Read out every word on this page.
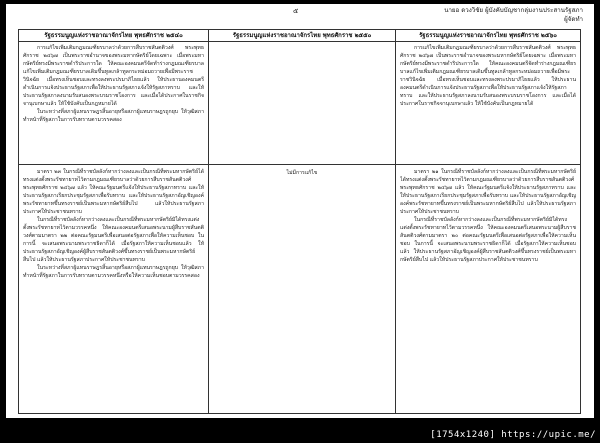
๕	นายอ ดวงวิชัย ผู้บังคับบัญชากลุ่มงานประสานรัฐสภา
ผู้จัดทำ
รัฐธรรมนูญแห่งราชอาณาจักรไทย พุทธศักราช ๒๕๔๐

การแก้ไขเพิ่มเติมกฎมณเฑียรบาลว่าด้วยการสืบราชสันตติวงศ์ พระพุทธศักราช ๒๔๖๗ เป็นพระราชอำนาจของพระมหากษัตริย์โดยเฉพาะ เมื่อพระมหากษัตริย์ทรงมีพระราชดำริประการใด ให้คณะองคมนตรีจัดทำร่างกฎมณเฑียรบาลแก้ไขเพิ่มเติมกฎมณเฑียรบาลเดิมขึ้นทูลเกล้าทูลกระหม่อมถวายเพื่อมีพระราชวินิจฉัย เมื่อทรงเห็นชอบและทรงลงพระปรมาภิไธยแล้ว ให้ประธานองคมนตรีดำเนินการแจ้งประธานรัฐสภาเพื่อให้ประธานรัฐสภาแจ้งให้รัฐสภาทราบ และให้ประธานรัฐสภาลงนามรับสนองพระบรมราชโองการ และเมื่อได้ประกาศในราชกิจจานุเบกษาแล้ว ให้ใช้บังคับเป็นกฎหมายได้

ในระหว่างที่สภาผู้แทนราษฎรสิ้นอายุหรือสภาผู้แทนราษฎรถูกยุบ ให้วุฒิสภาทำหน้าที่รัฐสภาในการรับทราบตามวรรคสอง

มาตรา ๒๓ ในกรณีที่ราชบัลลังก์หากว่างลงและเป็นกรณีที่พระมหากษัตริย์ได้ทรงแต่งตั้งพระรัชทายาทไว้ตามกฎมณเฑียรบาลว่าด้วยการสืบราชสันตติวงศ์ พระพุทธศักราช ๒๔๖๗ แล้ว ให้คณะรัฐมนตรีแจ้งให้ประธานรัฐสภาทราบ และให้ประธานรัฐสภาเรียกประชุมรัฐสภาเพื่อรับทราบ และให้ประธานรัฐสภาอัญเชิญองค์พระรัชทายาทขึ้นทรงราชย์เป็นพระมหากษัตริย์สืบไป แล้วให้ประธานรัฐสภาประกาศให้ประชาชนทราบ

ในกรณีที่ราชบัลลังก์หากว่างลงและเป็นกรณีที่พระมหากษัตริย์มิได้ทรงแต่งตั้งพระรัชทายาทไว้ตามวรรคหนึ่ง ให้คณะองคมนตรีเสนอพระนามผู้สืบราชสันตติวงศ์ตามมาตรา ๒๒ ต่อคณะรัฐมนตรีเพื่อเสนอต่อรัฐสภาเพื่อให้ความเห็นชอบ ในการนี้ จะเสนอพระนามพระราชธิดาก็ได้ เมื่อรัฐสภาให้ความเห็นชอบแล้ว ให้ประธานรัฐสภาอัญเชิญองค์ผู้สืบราชสันตติวงศ์ขึ้นทรงราชย์เป็นพระมหากษัตริย์สืบไป แล้วให้ประธานรัฐสภาประกาศให้ประชาชนทราบ

ในระหว่างที่สภาผู้แทนราษฎรสิ้นอายุหรือสภาผู้แทนราษฎรถูกยุบ ให้วุฒิสภาทำหน้าที่รัฐสภาในการรับทราบตามวรรคหนึ่งหรือให้ความเห็นชอบตามวรรคสอง

รัฐธรรมนูญแห่งราชอาณาจักรไทย พุทธศักราช ๒๕๕๐
ไม่มีการแก้ไข
รัฐธรรมนูญแห่งราชอาณาจักรไทย พุทธศักราช ๒๕๖๐

การแก้ไขเพิ่มเติมกฎมณเฑียรบาลว่าด้วยการสืบราชสันตติวงศ์ พระพุทธศักราช ๒๔๖๗ เป็นพระราชอำนาจของพระมหากษัตริย์โดยเฉพาะ เมื่อพระมหากษัตริย์ทรงมีพระราชดำริประการใด ให้คณะองคมนตรีจัดทำร่างกฎมณเฑียรบาลแก้ไขเพิ่มเติมกฎมณเฑียรบาลเดิมขึ้นทูลเกล้าทูลกระหม่อมถวายเพื่อมีพระราชวินิจฉัย เมื่อทรงเห็นชอบและทรงลงพระปรมาภิไธยแล้ว ให้ประธานองคมนตรีดำเนินการแจ้งประธานรัฐสภาเพื่อให้ประธานรัฐสภาแจ้งให้รัฐสภาทราบ และให้ประธานรัฐสภาลงนามรับสนองพระบรมราชโองการ และเมื่อได้ประกาศในราชกิจจานุเบกษาแล้ว ให้ใช้บังคับเป็นกฎหมายได้

มาตรา ๒๑ ในกรณีที่ราชบัลลังก์หากว่างลงและเป็นกรณีที่พระมหากษัตริย์ได้ทรงแต่งตั้งพระรัชทายาทไว้ตามกฎมณเฑียรบาลว่าด้วยการสืบราชสันตติวงศ์ พระพุทธศักราช ๒๔๖๗ แล้ว ให้คณะรัฐมนตรีแจ้งให้ประธานรัฐสภาทราบ และให้ประธานรัฐสภาเรียกประชุมรัฐสภาเพื่อรับทราบ และให้ประธานรัฐสภาอัญเชิญองค์พระรัชทายาทขึ้นทรงราชย์เป็นพระมหากษัตริย์สืบไป แล้วให้ประธานรัฐสภาประกาศให้ประชาชนทราบ

ในกรณีที่ราชบัลลังก์หากว่างลงและเป็นกรณีที่พระมหากษัตริย์มิได้ทรงแต่งตั้งพระรัชทายาทไว้ตามวรรคหนึ่ง ให้คณะองคมนตรีเสนอพระนามผู้สืบราชสันตติวงศ์ตามมาตรา ๒๐ ต่อคณะรัฐมนตรีเพื่อเสนอต่อรัฐสภาเพื่อให้ความเห็นชอบ ในการนี้ จะเสนอพระนามพระราชธิดาก็ได้ เมื่อรัฐสภาให้ความเห็นชอบแล้ว ให้ประธานรัฐสภาอัญเชิญองค์ผู้สืบราชสันตติวงศ์ขึ้นทรงราชย์เป็นพระมหากษัตริย์สืบไป แล้วให้ประธานรัฐสภาประกาศให้ประชาชนทราบ

[1754x1240] https://upic.me/
